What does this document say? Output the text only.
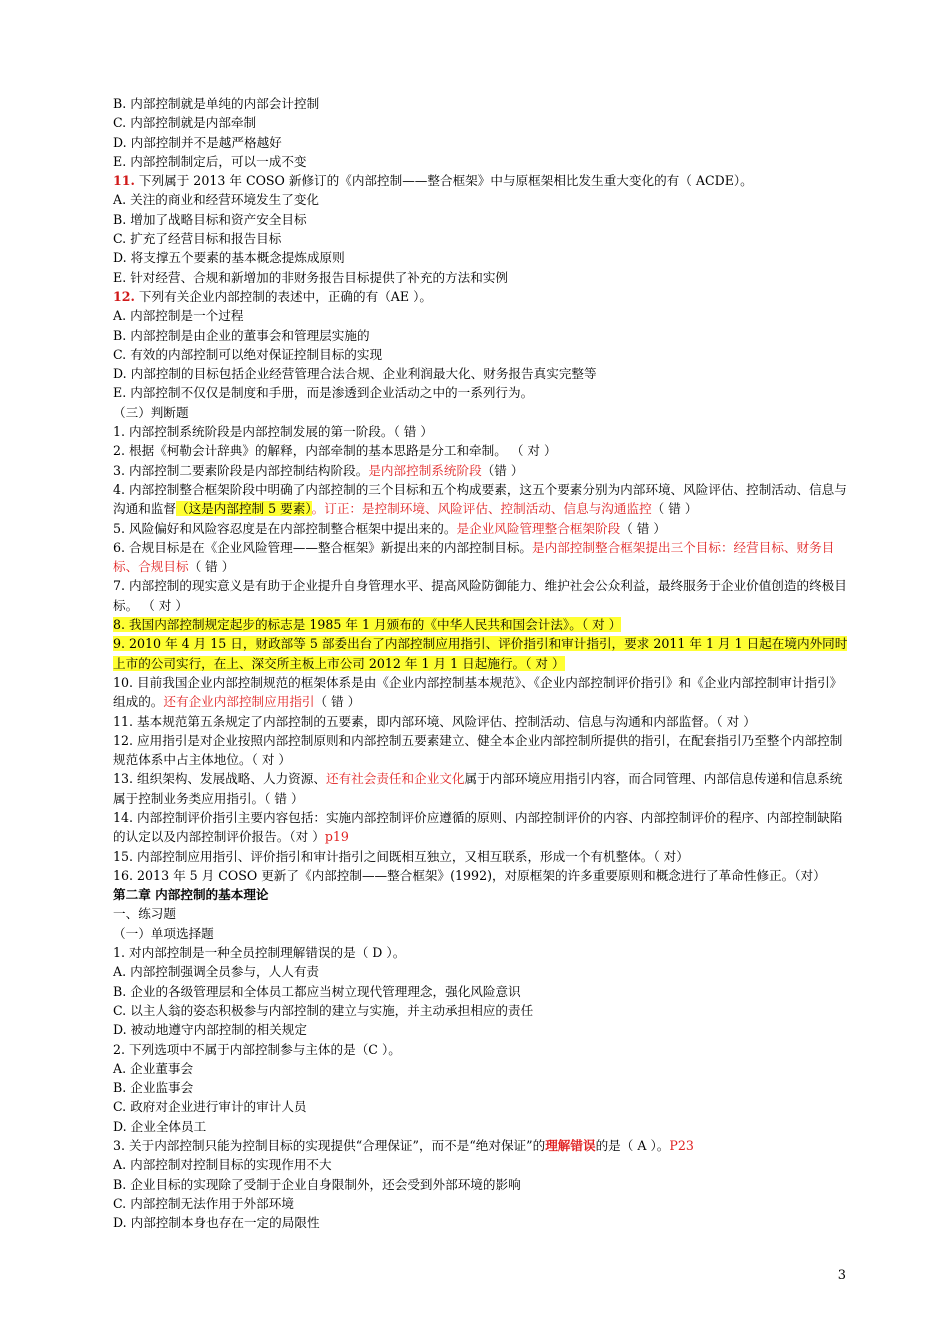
B. 内部控制就是单纯的内部会计控制
C. 内部控制就是内部牵制
D. 内部控制并不是越严格越好
E. 内部控制制定后，可以一成不变
11. 下列属于 2013 年 COSO 新修订的《内部控制——整合框架》中与原框架相比发生重大变化的有（ ACDE）。
A. 关注的商业和经营环境发生了变化
B. 增加了战略目标和资产安全目标
C. 扩充了经营目标和报告目标
D. 将支撑五个要素的基本概念提炼成原则
E. 针对经营、合规和新增加的非财务报告目标提供了补充的方法和实例
12. 下列有关企业内部控制的表述中，正确的有（AE ）。
A. 内部控制是一个过程
B. 内部控制是由企业的董事会和管理层实施的
C. 有效的内部控制可以绝对保证控制目标的实现
D. 内部控制的目标包括企业经营管理合法合规、企业利润最大化、财务报告真实完整等
E. 内部控制不仅仅是制度和手册，而是渗透到企业活动之中的一系列行为。
（三）判断题
1. 内部控制系统阶段是内部控制发展的第一阶段。（ 错 ）
2. 根据《柯勒会计辞典》的解释，内部牵制的基本思路是分工和牵制。 （ 对 ）
3. 内部控制二要素阶段是内部控制结构阶段。是内部控制系统阶段（错 ）
4. 内部控制整合框架阶段中明确了内部控制的三个目标和五个构成要素，这五个要素分别为内部环境、风险评估、控制活动、信息与沟通和监督（这是内部控制 5 要素）。订正：是控制环境、风险评估、控制活动、信息与沟通监控（ 错 ）
5. 风险偏好和风险容忍度是在内部控制整合框架中提出来的。是企业风险管理整合框架阶段（ 错 ）
6. 合规目标是在《企业风险管理——整合框架》新提出来的内部控制目标。是内部控制整合框架提出三个目标：经营目标、财务目标、合规目标（ 错 ）
7. 内部控制的现实意义是有助于企业提升自身管理水平、提高风险防御能力、维护社会公众利益，最终服务于企业价值创造的终极目标。 （ 对 ）
8. 我国内部控制规定起步的标志是 1985 年 1 月颁布的《中华人民共和国会计法》。（ 对 ）
9. 2010 年 4 月 15 日，财政部等 5 部委出台了内部控制应用指引、评价指引和审计指引，要求 2011 年 1 月 1 日起在境内外同时上市的公司实行，在上、深交所主板上市公司 2012 年 1 月 1 日起施行。（ 对 ）
10. 目前我国企业内部控制规范的框架体系是由《企业内部控制基本规范》、《企业内部控制评价指引》和《企业内部控制审计指引》组成的。还有企业内部控制应用指引（ 错 ）
11. 基本规范第五条规定了内部控制的五要素，即内部环境、风险评估、控制活动、信息与沟通和内部监督。（ 对 ）
12. 应用指引是对企业按照内部控制原则和内部控制五要素建立、健全本企业内部控制所提供的指引，在配套指引乃至整个内部控制规范体系中占主体地位。（ 对 ）
13. 组织架构、发展战略、人力资源、还有社会责任和企业文化属于内部环境应用指引内容，而合同管理、内部信息传递和信息系统属于控制业务类应用指引。（ 错 ）
14. 内部控制评价指引主要内容包括：实施内部控制评价应遵循的原则、内部控制评价的内容、内部控制评价的程序、内部控制缺陷的认定以及内部控制评价报告。（对 ）p19
15. 内部控制应用指引、评价指引和审计指引之间既相互独立，又相互联系，形成一个有机整体。（ 对）
16. 2013 年 5 月 COSO 更新了《内部控制——整合框架》(1992)，对原框架的许多重要原则和概念进行了革命性修正。（对）
第二章 内部控制的基本理论
一、练习题
（一）单项选择题
1. 对内部控制是一种全员控制理解错误的是（ D ）。
A. 内部控制强调全员参与，人人有责
B. 企业的各级管理层和全体员工都应当树立现代管理理念，强化风险意识
C. 以主人翁的姿态积极参与内部控制的建立与实施，并主动承担相应的责任
D. 被动地遵守内部控制的相关规定
2. 下列选项中不属于内部控制参与主体的是（C ）。
A. 企业董事会
B. 企业监事会
C. 政府对企业进行审计的审计人员
D. 企业全体员工
3. 关于内部控制只能为控制目标的实现提供“合理保证”，而不是“绝对保证”的理解错误的是（ A ）。P23
A. 内部控制对控制目标的实现作用不大
B. 企业目标的实现除了受制于企业自身限制外，还会受到外部环境的影响
C. 内部控制无法作用于外部环境
D. 内部控制本身也存在一定的局限性
3
